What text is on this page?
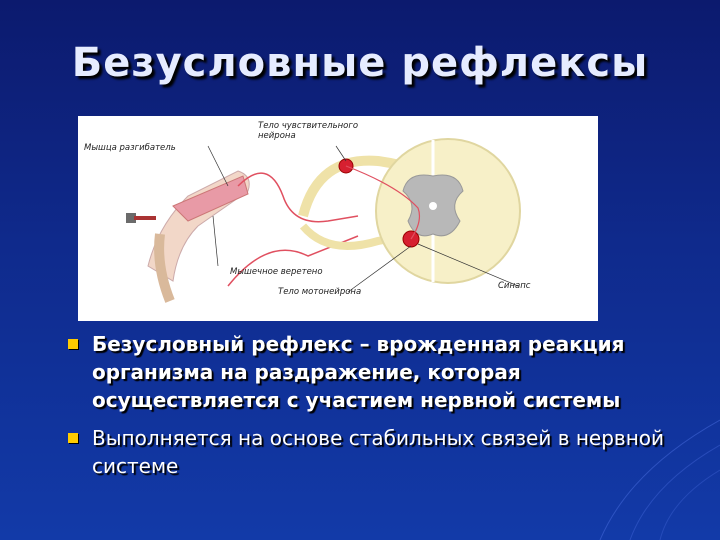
Безусловные рефлексы
Мышца разгибатель
Тело чувствительного нейрона
Мышечное веретено
Тело мотонейрона
Синапс
Безусловный рефлекс – врожденная реакция организма на раздражение, которая осуществляется с участием нервной системы
Выполняется на основе стабильных связей в нервной системе
